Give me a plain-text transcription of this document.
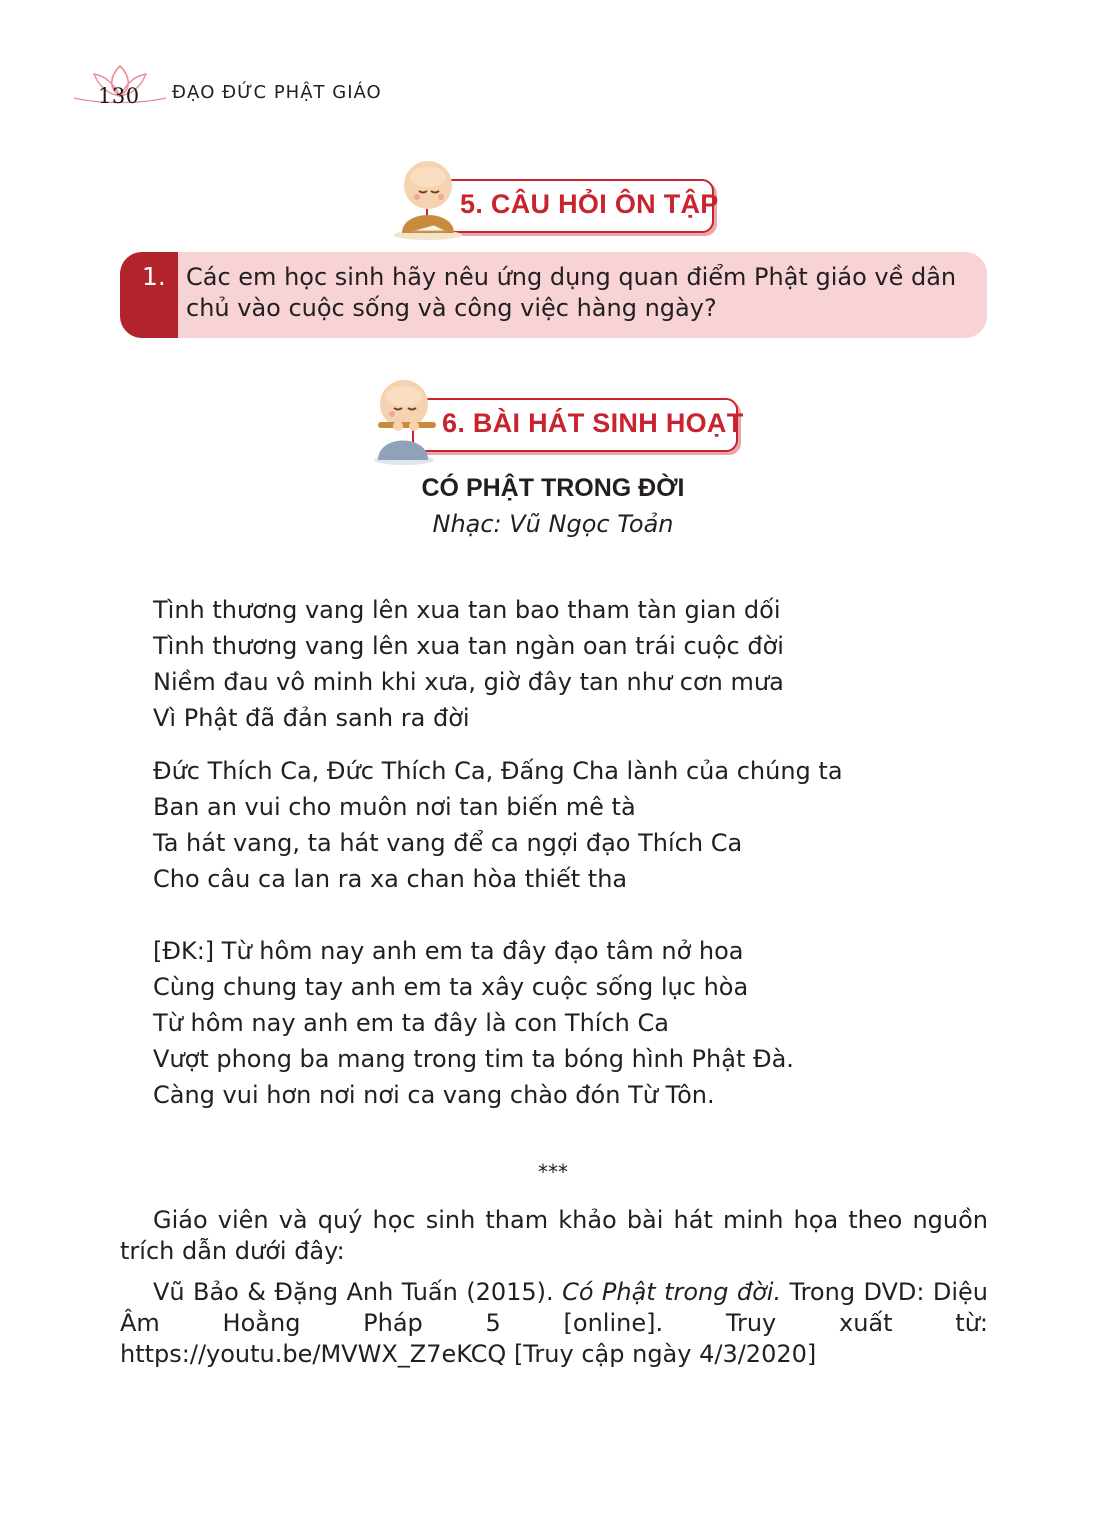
130 ĐẠO ĐỨC PHẬT GIÁO
5. CÂU HỎI ÔN TẬP
1. Các em học sinh hãy nêu ứng dụng quan điểm Phật giáo về dân chủ vào cuộc sống và công việc hàng ngày?
6. BÀI HÁT SINH HOẠT
CÓ PHẬT TRONG ĐỜI
Nhạc: Vũ Ngọc Toản
Tình thương vang lên xua tan bao tham tàn gian dối
Tình thương vang lên xua tan ngàn oan trái cuộc đời
Niềm đau vô minh khi xưa, giờ đây tan như cơn mưa
Vì Phật đã đản sanh ra đời
Đức Thích Ca, Đức Thích Ca, Đấng Cha lành của chúng ta
Ban an vui cho muôn nơi tan biến mê tà
Ta hát vang, ta hát vang để ca ngợi đạo Thích Ca
Cho câu ca lan ra xa chan hòa thiết tha
[ĐK:] Từ hôm nay anh em ta đây đạo tâm nở hoa
Cùng chung tay anh em ta xây cuộc sống lục hòa
Từ hôm nay anh em ta đây là con Thích Ca
Vượt phong ba mang trong tim ta bóng hình Phật Đà.
Càng vui hơn nơi nơi ca vang chào đón Từ Tôn.
***
Giáo viên và quý học sinh tham khảo bài hát minh họa theo nguồn trích dẫn dưới đây:
Vũ Bảo & Đặng Anh Tuấn (2015). Có Phật trong đời. Trong DVD: Diệu Âm Hoằng Pháp 5 [online]. Truy xuất từ: https://youtu.be/MVWX_Z7eKCQ [Truy cập ngày 4/3/2020]
